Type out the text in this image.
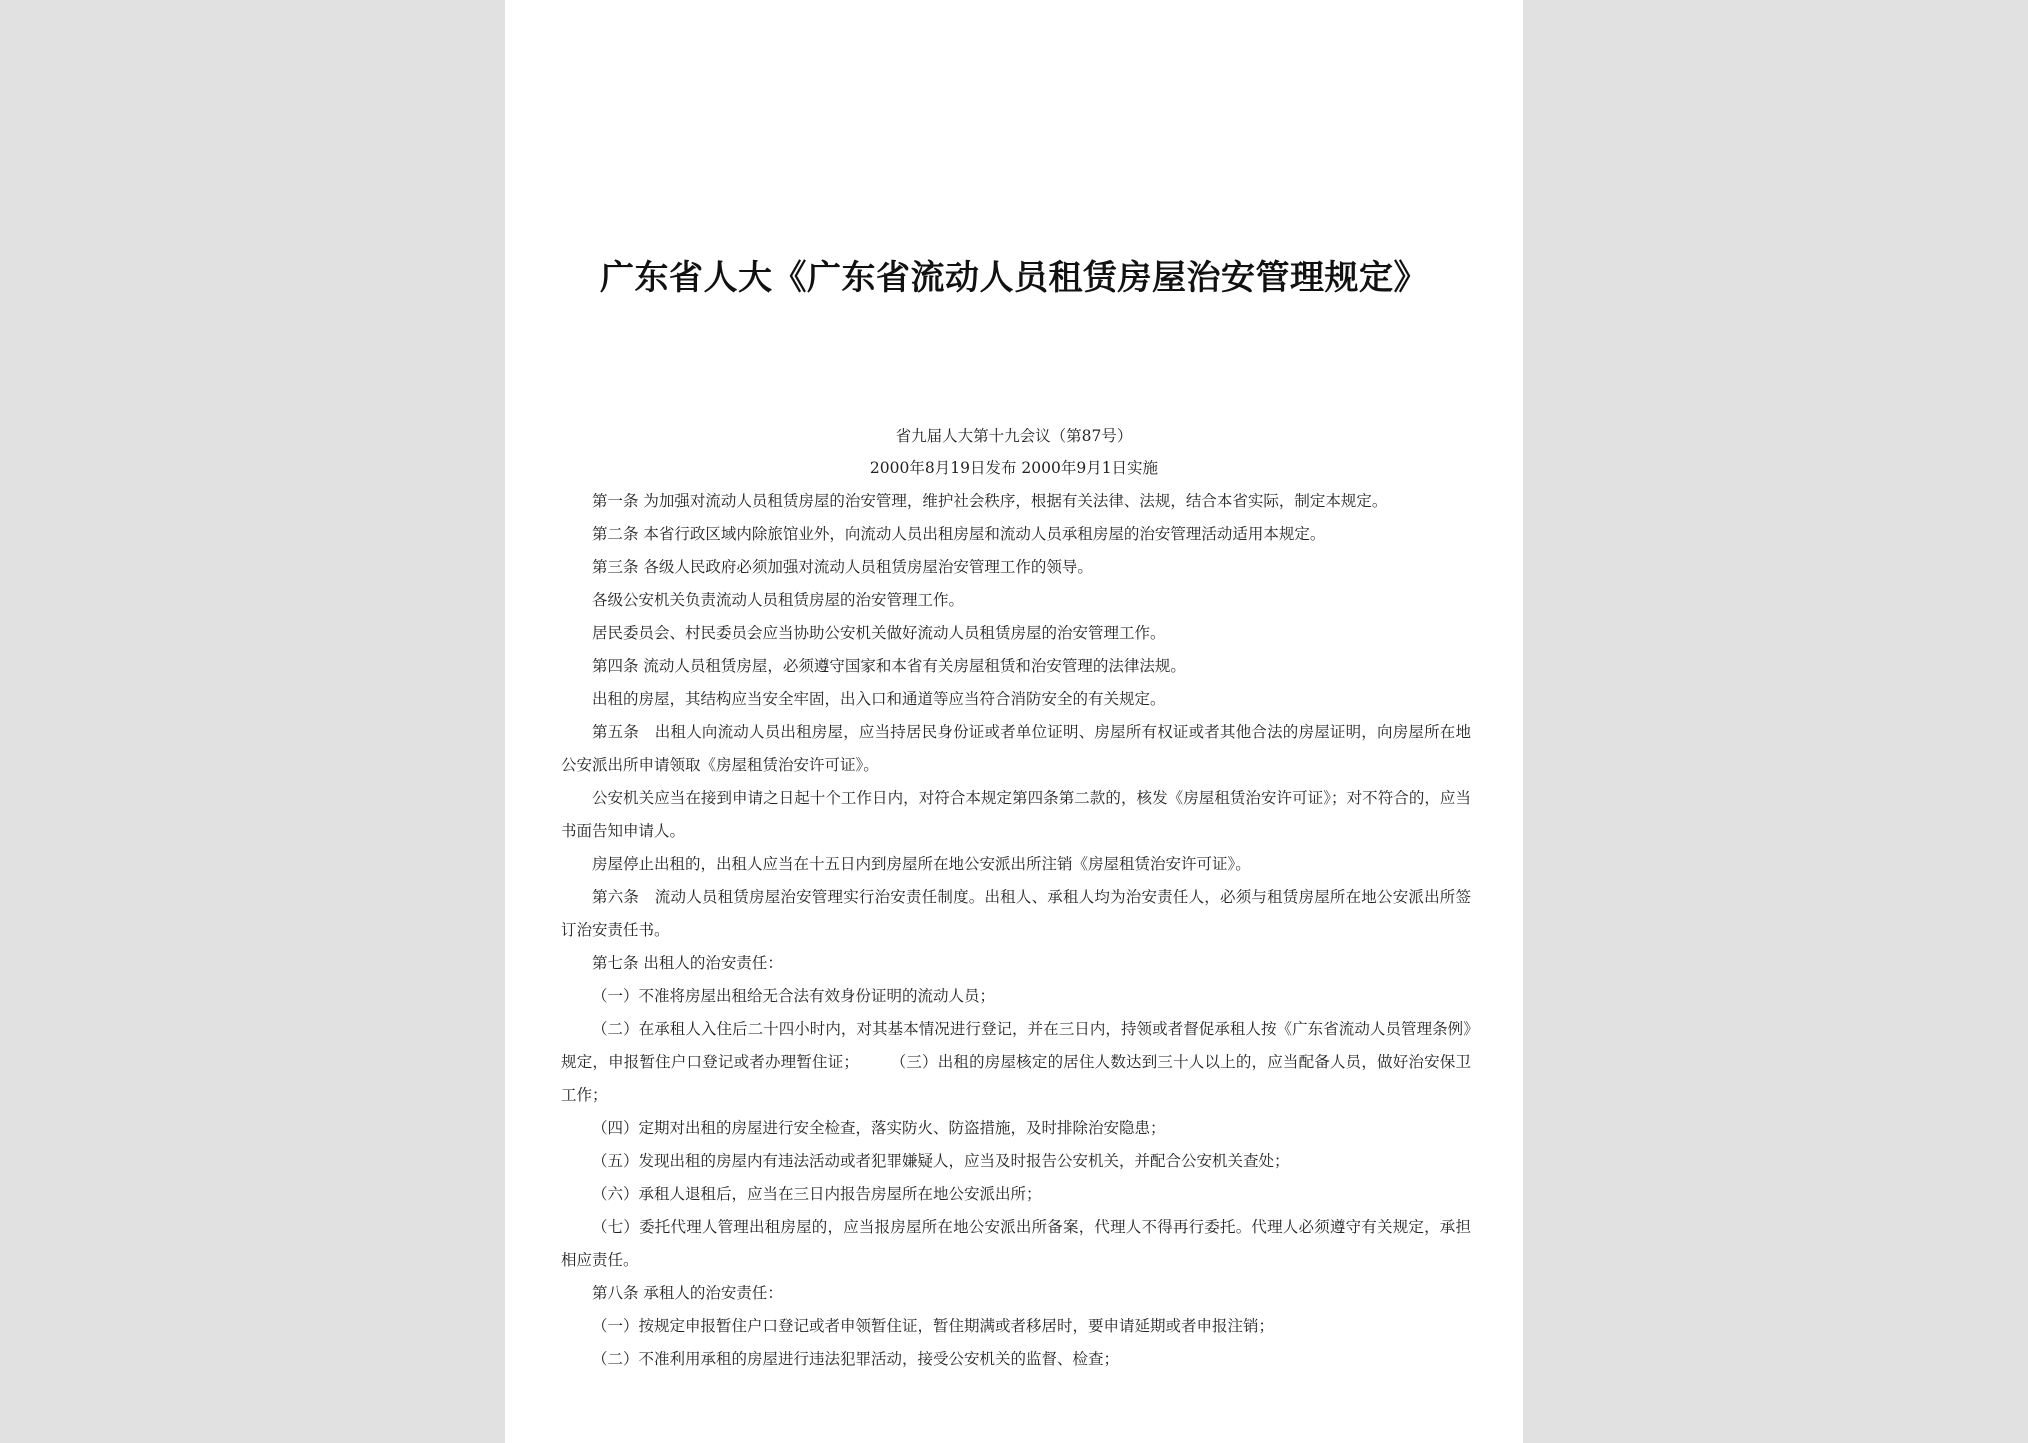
广东省人大《广东省流动人员租赁房屋治安管理规定》
省九届人大第十九会议（第87号）
2000年8月19日发布 2000年9月1日实施

第一条 为加强对流动人员租赁房屋的治安管理，维护社会秩序，根据有关法律、法规，结合本省实际，制定本规定。

第二条 本省行政区域内除旅馆业外，向流动人员出租房屋和流动人员承租房屋的治安管理活动适用本规定。

第三条 各级人民政府必须加强对流动人员租赁房屋治安管理工作的领导。

各级公安机关负责流动人员租赁房屋的治安管理工作。

居民委员会、村民委员会应当协助公安机关做好流动人员租赁房屋的治安管理工作。

第四条 流动人员租赁房屋，必须遵守国家和本省有关房屋租赁和治安管理的法律法规。

出租的房屋，其结构应当安全牢固，出入口和通道等应当符合消防安全的有关规定。

第五条　出租人向流动人员出租房屋，应当持居民身份证或者单位证明、房屋所有权证或者其他合法的房屋证明，向房屋所在地公安派出所申请领取《房屋租赁治安许可证》。

公安机关应当在接到申请之日起十个工作日内，对符合本规定第四条第二款的，核发《房屋租赁治安许可证》；对不符合的，应当书面告知申请人。

房屋停止出租的，出租人应当在十五日内到房屋所在地公安派出所注销《房屋租赁治安许可证》。

第六条　流动人员租赁房屋治安管理实行治安责任制度。出租人、承租人均为治安责任人，必须与租赁房屋所在地公安派出所签订治安责任书。

第七条 出租人的治安责任：

（一）不准将房屋出租给无合法有效身份证明的流动人员；

（二）在承租人入住后二十四小时内，对其基本情况进行登记，并在三日内，持领或者督促承租人按《广东省流动人员管理条例》规定，申报暂住户口登记或者办理暂住证；　　　（三）出租的房屋核定的居住人数达到三十人以上的，应当配备人员，做好治安保卫工作；

（四）定期对出租的房屋进行安全检查，落实防火、防盗措施，及时排除治安隐患；

（五）发现出租的房屋内有违法活动或者犯罪嫌疑人，应当及时报告公安机关，并配合公安机关查处；

（六）承租人退租后，应当在三日内报告房屋所在地公安派出所；

（七）委托代理人管理出租房屋的，应当报房屋所在地公安派出所备案，代理人不得再行委托。代理人必须遵守有关规定，承担相应责任。

第八条 承租人的治安责任：

（一）按规定申报暂住户口登记或者申领暂住证，暂住期满或者移居时，要申请延期或者申报注销；

（二）不准利用承租的房屋进行违法犯罪活动，接受公安机关的监督、检查；
